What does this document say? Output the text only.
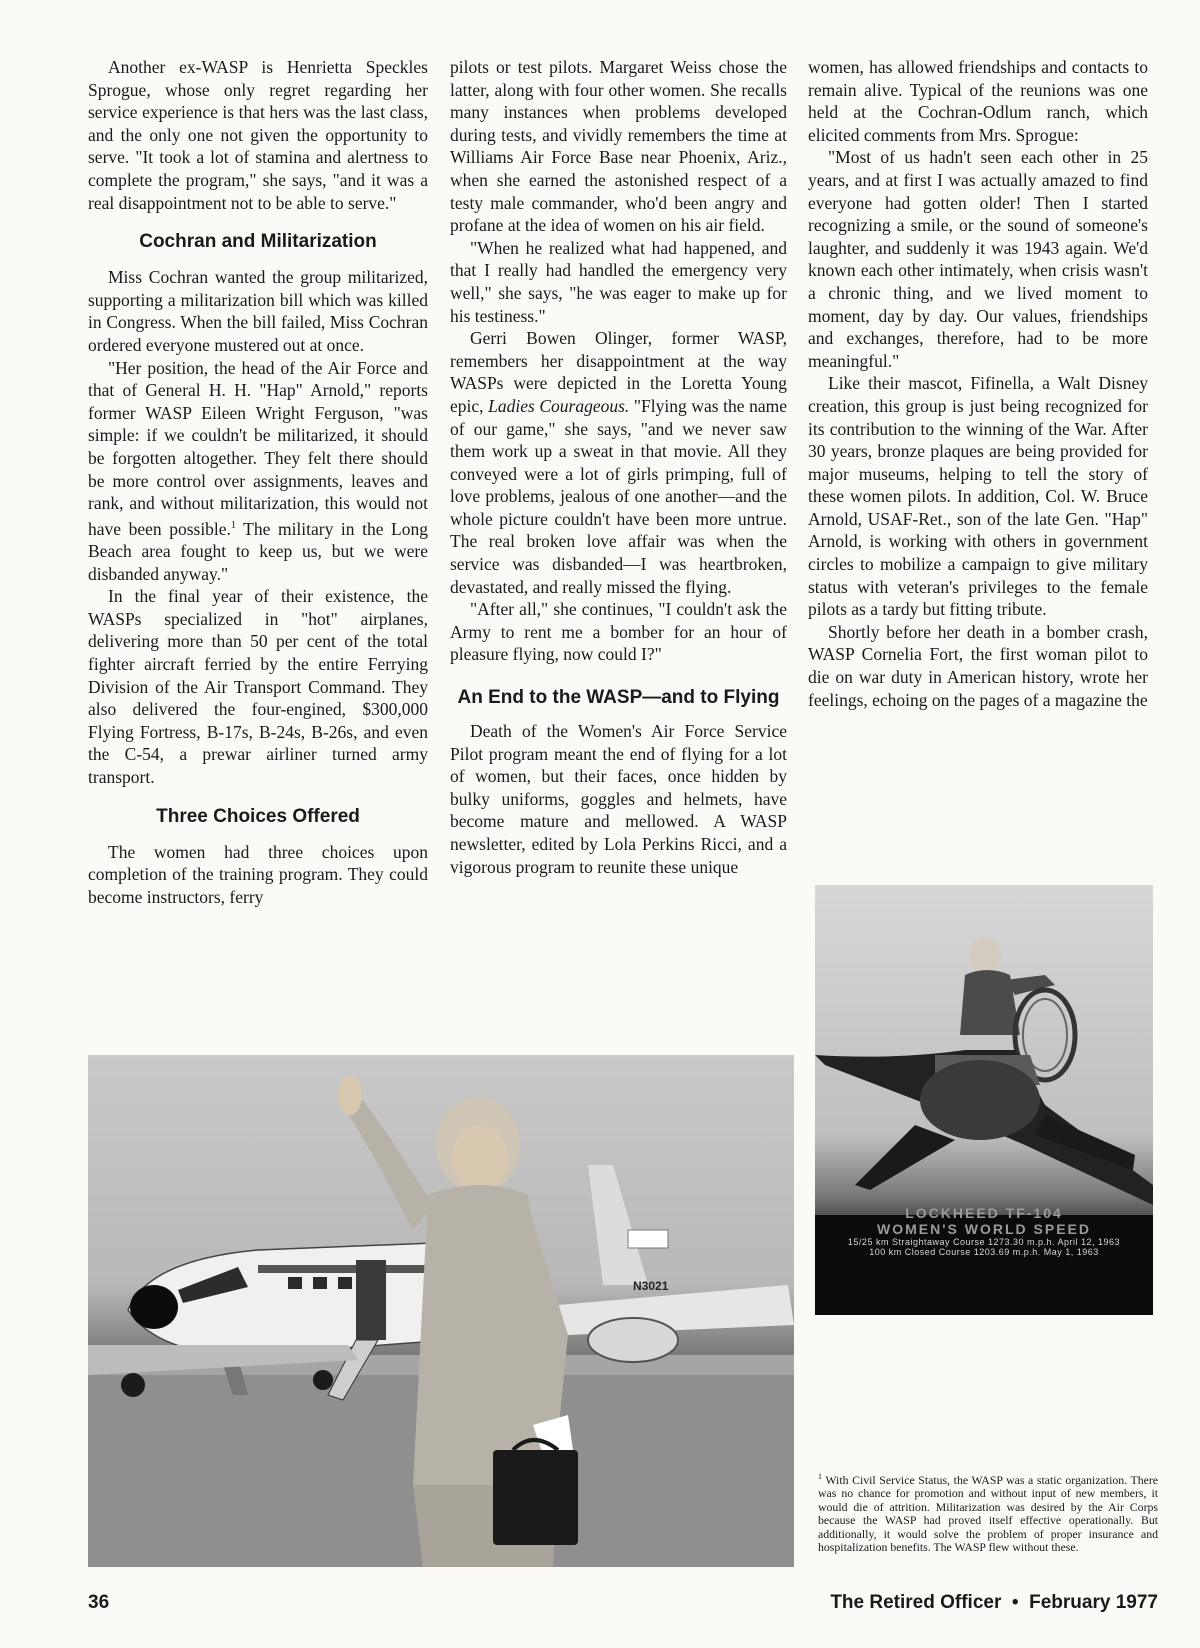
Another ex-WASP is Henrietta Speckles Sprogue, whose only regret regarding her service experience is that hers was the last class, and the only one not given the opportunity to serve. "It took a lot of stamina and alertness to complete the program," she says, "and it was a real disappointment not to be able to serve."

Cochran and Militarization

Miss Cochran wanted the group militarized, supporting a militarization bill which was killed in Congress. When the bill failed, Miss Cochran ordered everyone mustered out at once.

"Her position, the head of the Air Force and that of General H. H. "Hap" Arnold," reports former WASP Eileen Wright Ferguson, "was simple: if we couldn't be militarized, it should be forgotten altogether. They felt there should be more control over assignments, leaves and rank, and without militarization, this would not have been possible.$^1$ The military in the Long Beach area fought to keep us, but we were disbanded anyway."

In the final year of their existence, the WASPs specialized in "hot" airplanes, delivering more than 50 per cent of the total fighter aircraft ferried by the entire Ferrying Division of the Air Transport Command. They also delivered the four-engined, $300,000 Flying Fortress, B-17s, B-24s, B-26s, and even the C-54, a prewar airliner turned army transport.

Three Choices Offered

The women had three choices upon completion of the training program. They could become instructors, ferry

pilots or test pilots. Margaret Weiss chose the latter, along with four other women. She recalls many instances when problems developed during tests, and vividly remembers the time at Williams Air Force Base near Phoenix, Ariz., when she earned the astonished respect of a testy male commander, who'd been angry and profane at the idea of women on his air field.

"When he realized what had happened, and that I really had handled the emergency very well," she says, "he was eager to make up for his testiness."

Gerri Bowen Olinger, former WASP, remembers her disappointment at the way WASPs were depicted in the Loretta Young epic, Ladies Courageous. "Flying was the name of our game," she says, "and we never saw them work up a sweat in that movie. All they conveyed were a lot of girls primping, full of love problems, jealous of one another—and the whole picture couldn't have been more untrue. The real broken love affair was when the service was disbanded—I was heartbroken, devastated, and really missed the flying.

"After all," she continues, "I couldn't ask the Army to rent me a bomber for an hour of pleasure flying, now could I?"

An End to the WASP—and to Flying

Death of the Women's Air Force Service Pilot program meant the end of flying for a lot of women, but their faces, once hidden by bulky uniforms, goggles and helmets, have become mature and mellowed. A WASP newsletter, edited by Lola Perkins Ricci, and a vigorous program to reunite these unique

women, has allowed friendships and contacts to remain alive. Typical of the reunions was one held at the Cochran-Odlum ranch, which elicited comments from Mrs. Sprogue:

"Most of us hadn't seen each other in 25 years, and at first I was actually amazed to find everyone had gotten older! Then I started recognizing a smile, or the sound of someone's laughter, and suddenly it was 1943 again. We'd known each other intimately, when crisis wasn't a chronic thing, and we lived moment to moment, day by day. Our values, friendships and exchanges, therefore, had to be more meaningful."

Like their mascot, Fifinella, a Walt Disney creation, this group is just being recognized for its contribution to the winning of the War. After 30 years, bronze plaques are being provided for major museums, helping to tell the story of these women pilots. In addition, Col. W. Bruce Arnold, USAF-Ret., son of the late Gen. "Hap" Arnold, is working with others in government circles to mobilize a campaign to give military status with veteran's privileges to the female pilots as a tardy but fitting tribute.

Shortly before her death in a bomber crash, WASP Cornelia Fort, the first woman pilot to die on war duty in American history, wrote her feelings, echoing on the pages of a magazine the

N3021
LOCKHEED TF-104
WOMEN'S WORLD SPEED
15/25 km Straightaway Course 1273.30 m.p.h. April 12, 1963
100 km Closed Course 1203.69 m.p.h. May 1, 1963
$^1$ With Civil Service Status, the WASP was a static organization. There was no chance for promotion and without input of new members, it would die of attrition. Militarization was desired by the Air Corps because the WASP had proved itself effective operationally. But additionally, it would solve the problem of proper insurance and hospitalization benefits. The WASP flew without these.
36	The Retired Officer  •  February 1977
